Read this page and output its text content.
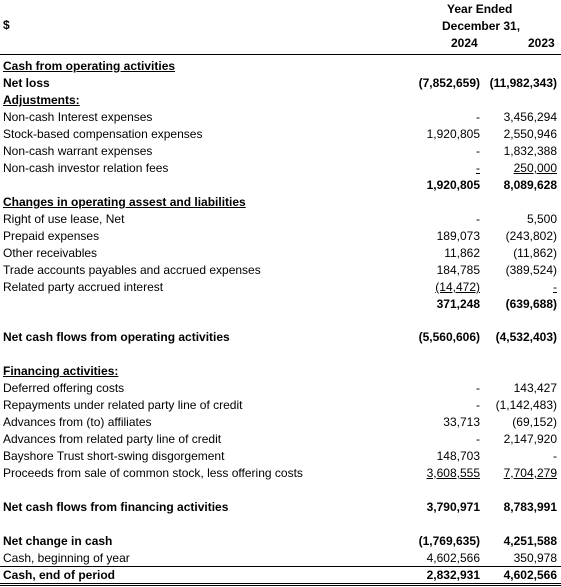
$
Year Ended
December 31,
2024	2023
Cash from operating activities
Net loss	(7,852,659) (11,982,343)
Adjustments:
Non-cash Interest expenses	- 3,456,294
Stock-based compensation expenses	1,920,805 2,550,946
Non-cash warrant expenses	- 1,832,388
Non-cash investor relation fees	-	250,000
1,920,805 8,089,628
Changes in operating assest and liabilities
Right of use lease, Net	-	5,500
Prepaid expenses	189,073 (243,802)
Other receivables	11,862	(11,862)
Trade accounts payables and accrued expenses	184,785 (389,524)
Related party accrued interest	(14,472)	-
371,248 (639,688)
Net cash flows from operating activities	(5,560,606) (4,532,403)
Financing activities:
Deferred offering costs	-	143,427
Repayments under related party line of credit	- (1,142,483)
Advances from (to) affiliates	33,713	(69,152)
Advances from related party line of credit	- 2,147,920
Bayshore Trust short-swing disgorgement	148,703	-
Proceeds from sale of common stock, less offering costs	3,608,555 7,704,279
Net cash flows from financing activities	3,790,971 8,783,991
Net change in cash	(1,769,635) 4,251,588
Cash, beginning of year	4,602,566	350,978
Cash, end of period	2,832,931 4,602,566
